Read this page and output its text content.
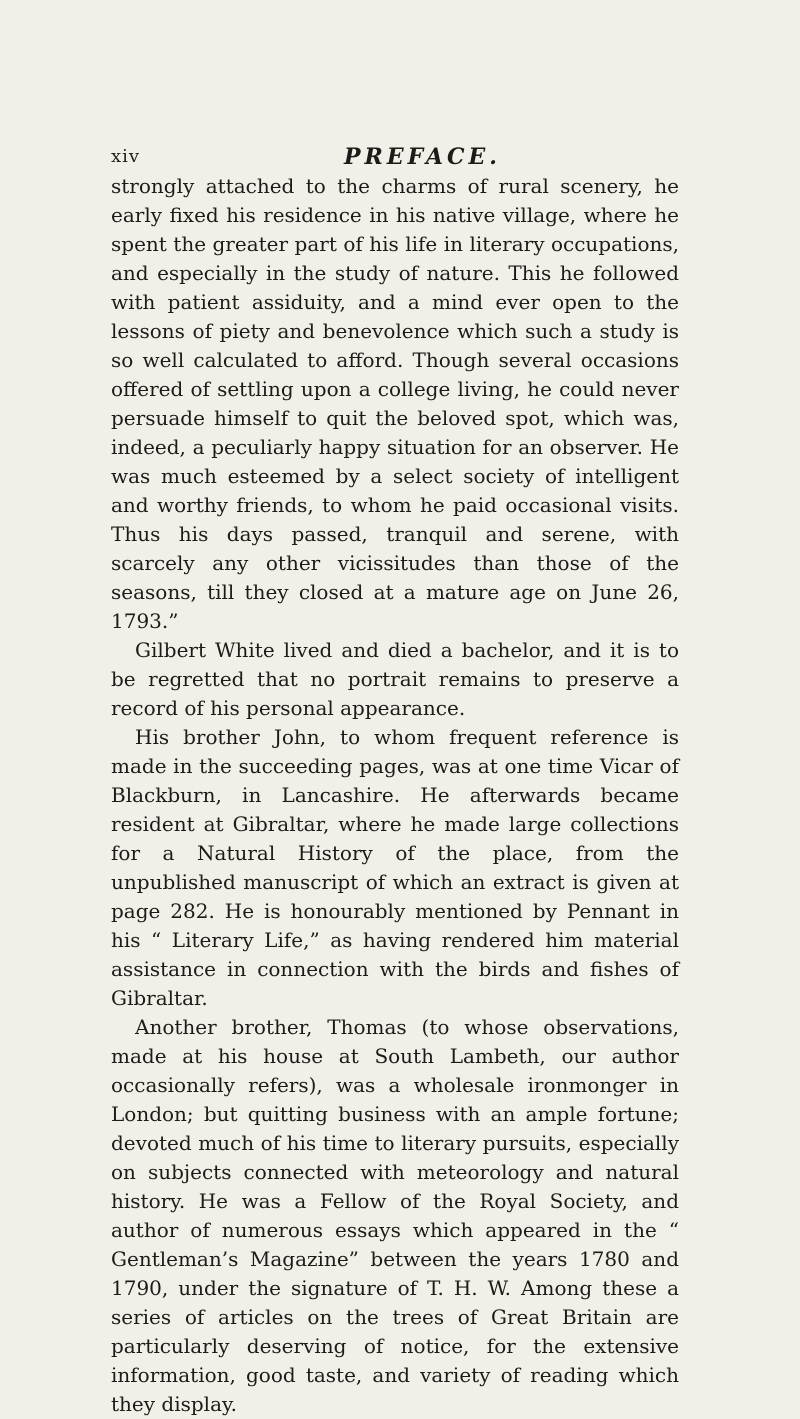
xiv	PREFACE.

strongly attached to the charms of rural scenery, he early fixed his residence in his native village, where he spent the greater part of his life in literary occupations, and especially in the study of nature. This he followed with patient assiduity, and a mind ever open to the lessons of piety and benevolence which such a study is so well calculated to afford. Though several occasions offered of settling upon a college living, he could never persuade himself to quit the beloved spot, which was, indeed, a peculiarly happy situation for an observer. He was much esteemed by a select society of intelligent and worthy friends, to whom he paid occasional visits. Thus his days passed, tranquil and serene, with scarcely any other vicissitudes than those of the seasons, till they closed at a mature age on June 26, 1793.”

Gilbert White lived and died a bachelor, and it is to be regretted that no portrait remains to preserve a record of his personal appearance.

His brother John, to whom frequent reference is made in the succeeding pages, was at one time Vicar of Blackburn, in Lancashire. He afterwards became resident at Gibraltar, where he made large collections for a Natural History of the place, from the unpublished manuscript of which an extract is given at page 282. He is honourably mentioned by Pennant in his “ Literary Life,” as having rendered him material assistance in connection with the birds and fishes of Gibraltar.

Another brother, Thomas (to whose observations, made at his house at South Lambeth, our author occasionally refers), was a wholesale ironmonger in London; but quitting business with an ample fortune; devoted much of his time to literary pursuits, especially on subjects connected with meteorology and natural history. He was a Fellow of the Royal Society, and author of numerous essays which appeared in the “ Gentleman’s Magazine” between the years 1780 and 1790, under the signature of T. H. W. Among these a series of articles on the trees of Great Britain are particularly deserving of notice, for the extensive information, good taste, and variety of reading which they display.
